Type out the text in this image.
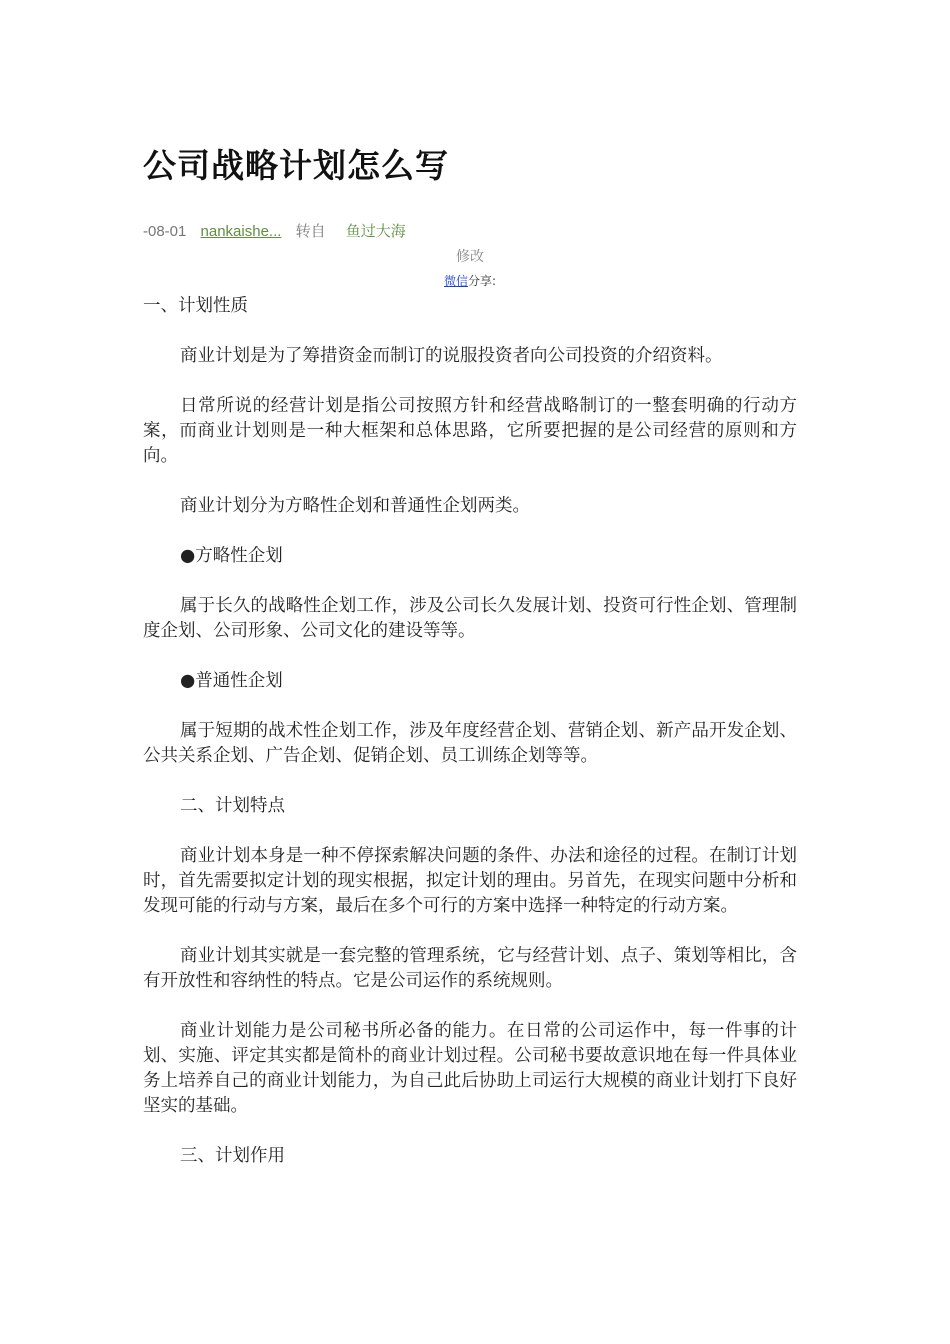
公司战略计划怎么写
-08-01 nankaishe... 转自 鱼过大海
修改
微信分享:

一、计划性质

商业计划是为了筹措资金而制订的说服投资者向公司投资的介绍资料。

日常所说的经营计划是指公司按照方针和经营战略制订的一整套明确的行动方案，而商业计划则是一种大框架和总体思路，它所要把握的是公司经营的原则和方向。

商业计划分为方略性企划和普通性企划两类。

●方略性企划

属于长久的战略性企划工作，涉及公司长久发展计划、投资可行性企划、管理制度企划、公司形象、公司文化的建设等等。

●普通性企划

属于短期的战术性企划工作，涉及年度经营企划、营销企划、新产品开发企划、公共关系企划、广告企划、促销企划、员工训练企划等等。

二、计划特点

商业计划本身是一种不停探索解决问题的条件、办法和途径的过程。在制订计划时，首先需要拟定计划的现实根据，拟定计划的理由。另首先，在现实问题中分析和发现可能的行动与方案，最后在多个可行的方案中选择一种特定的行动方案。

商业计划其实就是一套完整的管理系统，它与经营计划、点子、策划等相比，含有开放性和容纳性的特点。它是公司运作的系统规则。

商业计划能力是公司秘书所必备的能力。在日常的公司运作中，每一件事的计划、实施、评定其实都是简朴的商业计划过程。公司秘书要故意识地在每一件具体业务上培养自己的商业计划能力，为自己此后协助上司运行大规模的商业计划打下良好坚实的基础。

三、计划作用
